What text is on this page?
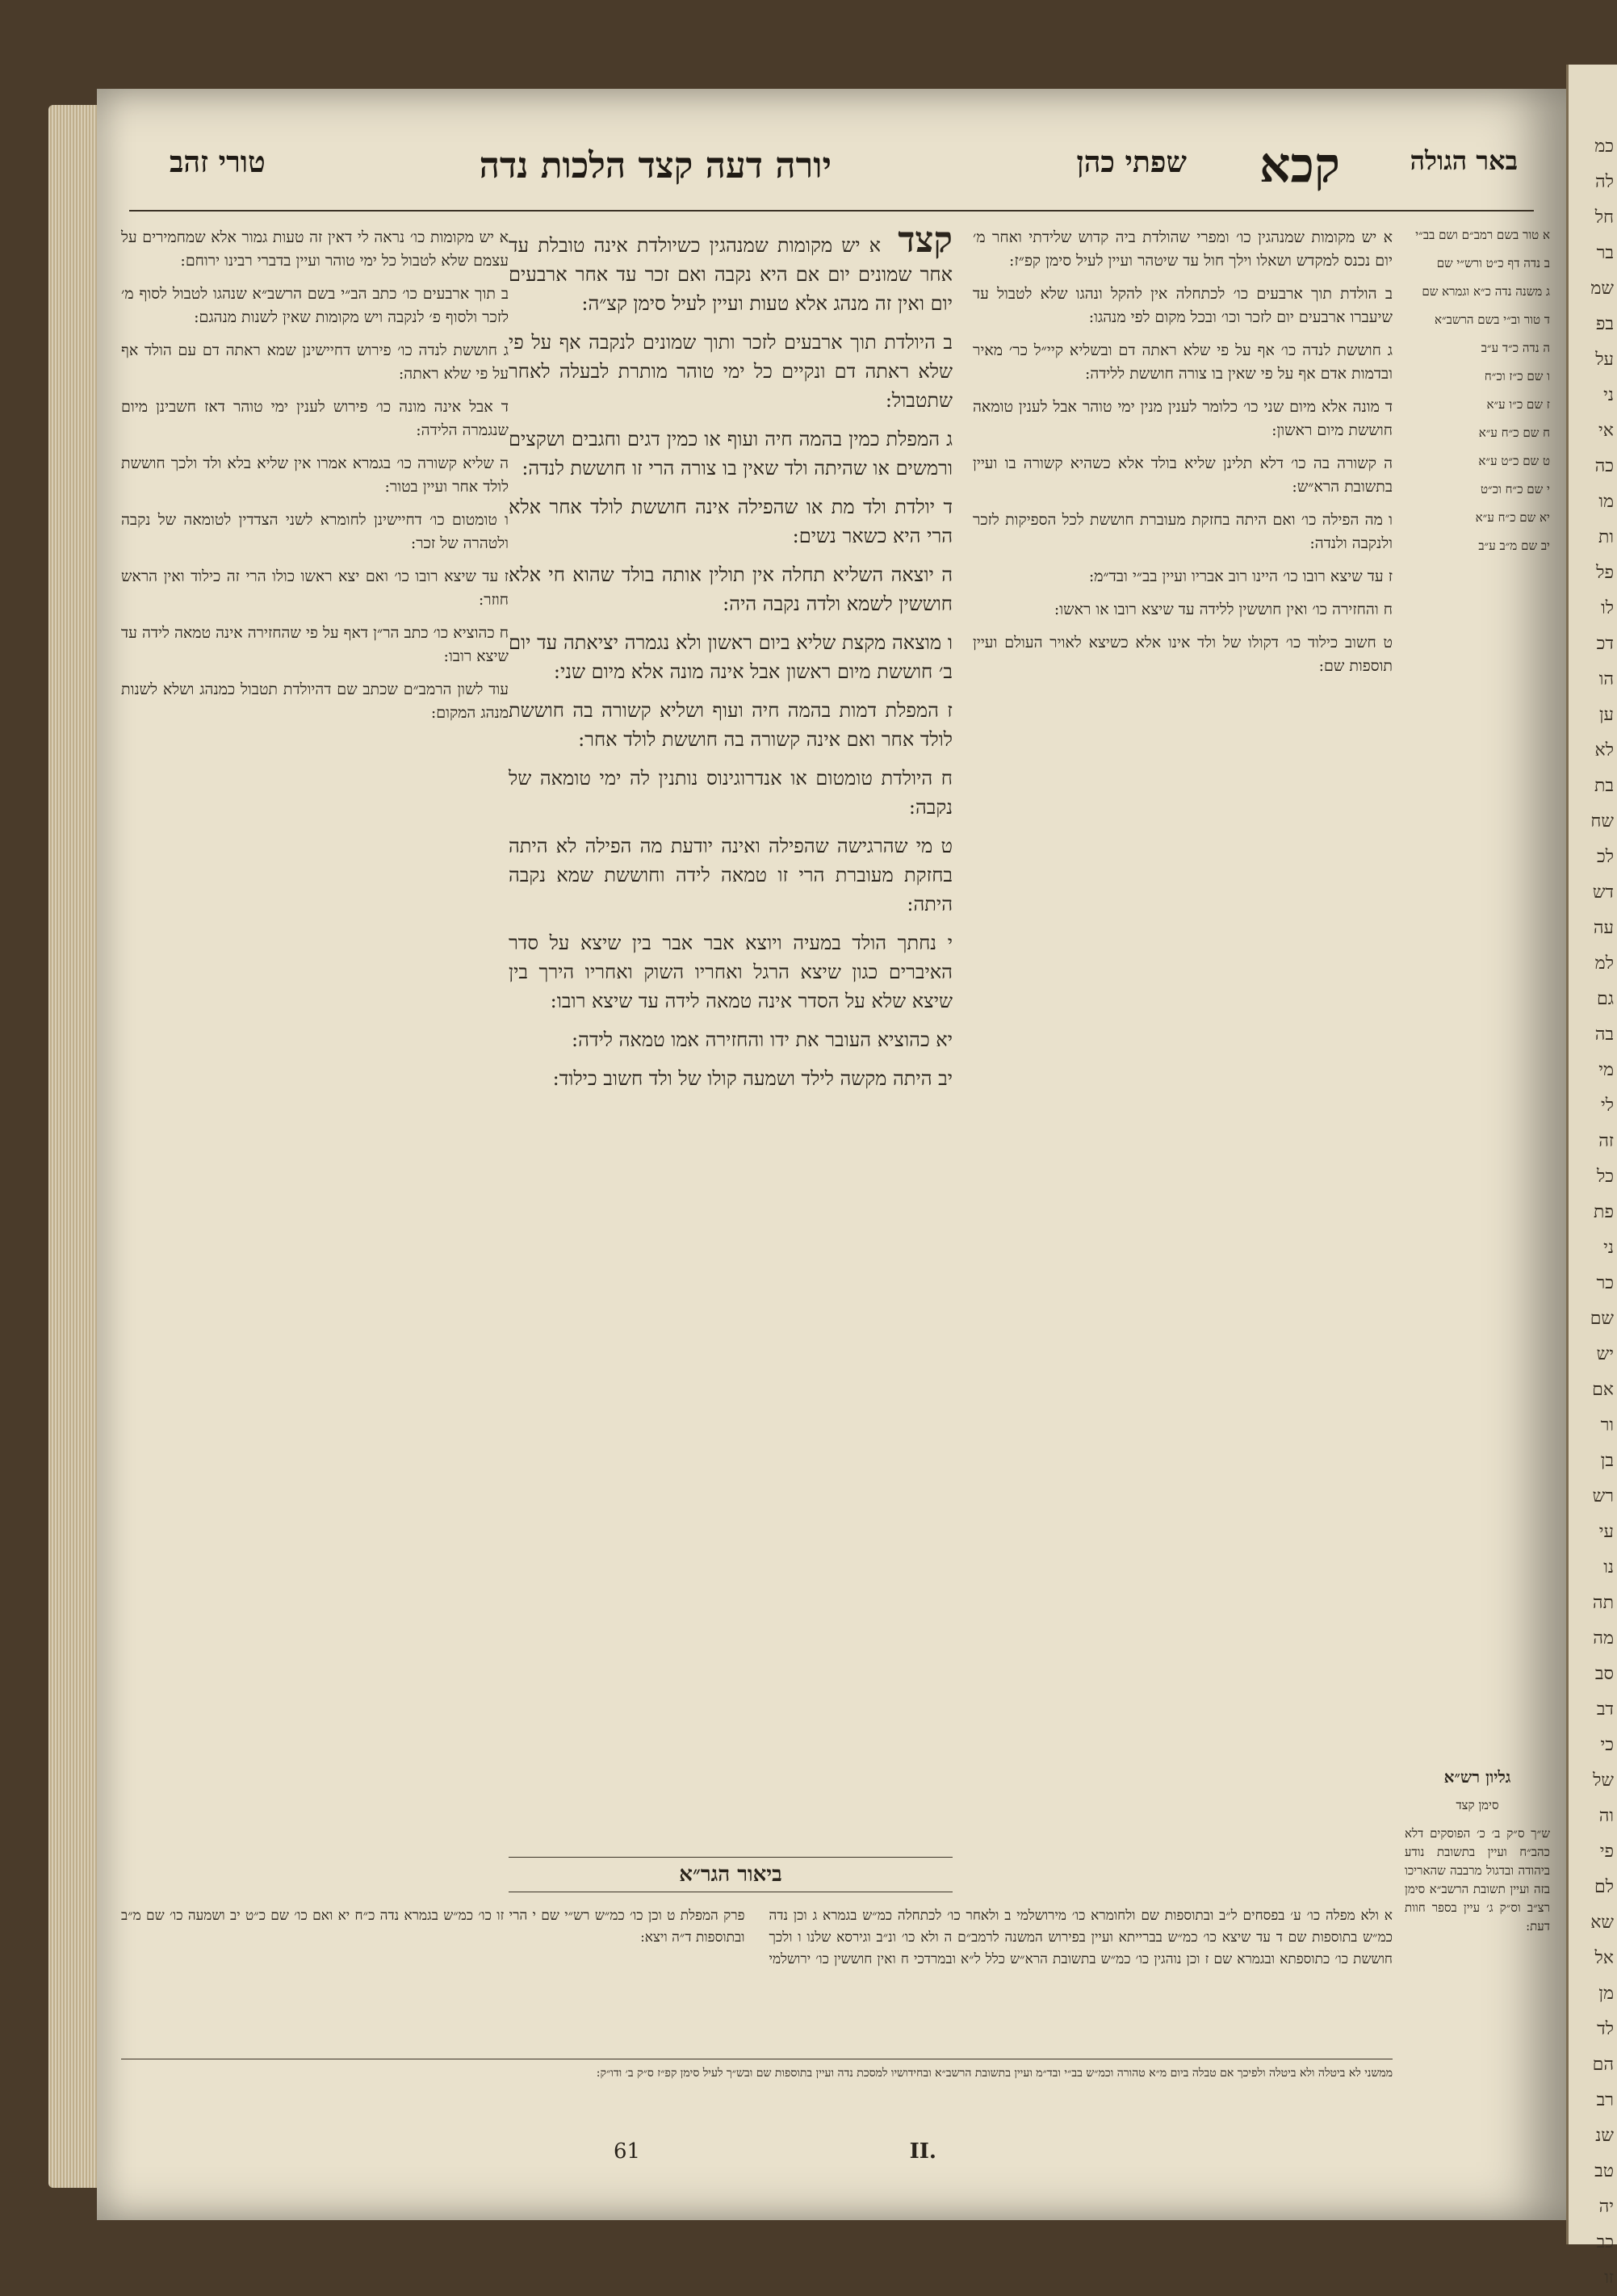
באר הגולה
קכא
שפתי כהן
יורה דעה קצד הלכות נדה
טורי זהב

א טור בשם רמב״ם ושם בב״י

ב נדה דף כ״ט ורש״י שם

ג משנה נדה כ״א וגמרא שם

ד טור וב״י בשם הרשב״א

ה נדה כ״ד ע״ב

ו שם כ״ז וכ״ח

ז שם כ״ו ע״א

ח שם כ״ח ע״א

ט שם כ״ט ע״א

י שם כ״ח וכ״ט

יא שם כ״ח ע״א

יב שם מ״ב ע״ב

א יש מקומות שמנהגין כו׳ ומפרי שהולדת ביה קדוש שלידתי ואחר מ׳ יום נכנס למקדש ושאלו וילך חול עד שיטהר ועיין לעיל סימן קפ״ז:

ב הולדת תוך ארבעים כו׳ לכתחלה אין להקל ונהגו שלא לטבול עד שיעברו ארבעים יום לזכר וכו׳ ובכל מקום לפי מנהגו:

ג חוששת לנדה כו׳ אף על פי שלא ראתה דם ובשליא קיי״ל כר׳ מאיר ובדמות אדם אף על פי שאין בו צורה חוששת ללידה:

ד מונה אלא מיום שני כו׳ כלומר לענין מנין ימי טוהר אבל לענין טומאה חוששת מיום ראשון:

ה קשורה בה כו׳ דלא תלינן שליא בולד אלא כשהיא קשורה בו ועיין בתשובת הרא״ש:

ו מה הפילה כו׳ ואם היתה בחזקת מעוברת חוששת לכל הספיקות לזכר ולנקבה ולנדה:

ז עד שיצא רובו כו׳ היינו רוב אבריו ועיין בב״י ובד״מ:

ח והחזירה כו׳ ואין חוששין ללידה עד שיצא רובו או ראשו:

ט חשוב כילוד כו׳ דקולו של ולד אינו אלא כשיצא לאויר העולם ועיין תוספות שם:

קצד א יש מקומות שמנהגין כשיולדת אינה טובלת עד אחר שמונים יום אם היא נקבה ואם זכר עד אחר ארבעים יום ואין זה מנהג אלא טעות ועיין לעיל סימן קצ״ה:

ב היולדת תוך ארבעים לזכר ותוך שמונים לנקבה אף על פי שלא ראתה דם ונקיים כל ימי טוהר מותרת לבעלה לאחר שתטבול:

ג המפלת כמין בהמה חיה ועוף או כמין דגים וחגבים ושקצים ורמשים או שהיתה ולד שאין בו צורה הרי זו חוששת לנדה:

ד יולדת ולד מת או שהפילה אינה חוששת לולד אחר אלא הרי היא כשאר נשים:

ה יוצאה השליא תחלה אין תולין אותה בולד שהוא חי אלא חוששין לשמא ולדה נקבה היה:

ו מוצאה מקצת שליא ביום ראשון ולא נגמרה יציאתה עד יום ב׳ חוששת מיום ראשון אבל אינה מונה אלא מיום שני:

ז המפלת דמות בהמה חיה ועוף ושליא קשורה בה חוששת לולד אחר ואם אינה קשורה בה חוששת לולד אחר:

ח היולדת טומטום או אנדרוגינוס נותנין לה ימי טומאה של נקבה:

ט מי שהרגישה שהפילה ואינה יודעת מה הפילה לא היתה בחזקת מעוברת הרי זו טמאה לידה וחוששת שמא נקבה היתה:

י נחתך הולד במעיה ויוצא אבר אבר בין שיצא על סדר האיברים כגון שיצא הרגל ואחריו השוק ואחריו הירך בין שיצא שלא על הסדר אינה טמאה לידה עד שיצא רובו:

יא כהוציא העובר את ידו והחזירה אמו טמאה לידה:

יב היתה מקשה לילד ושמעה קולו של ולד חשוב כילוד:

א יש מקומות כו׳ נראה לי דאין זה טעות גמור אלא שמחמירים על עצמם שלא לטבול כל ימי טוהר ועיין בדברי רבינו ירוחם:

ב תוך ארבעים כו׳ כתב הב״י בשם הרשב״א שנהגו לטבול לסוף מ׳ לזכר ולסוף פ׳ לנקבה ויש מקומות שאין לשנות מנהגם:

ג חוששת לנדה כו׳ פירוש דחיישינן שמא ראתה דם עם הולד אף על פי שלא ראתה:

ד אבל אינה מונה כו׳ פירוש לענין ימי טוהר דאז חשבינן מיום שנגמרה הלידה:

ה שליא קשורה כו׳ בגמרא אמרו אין שליא בלא ולד ולכך חוששת לולד אחר ועיין בטור:

ו טומטום כו׳ דחיישינן לחומרא לשני הצדדין לטומאה של נקבה ולטהרה של זכר:

ז עד שיצא רובו כו׳ ואם יצא ראשו כולו הרי זה כילוד ואין הראש חוזר:

ח כהוציא כו׳ כתב הר״ן דאף על פי שהחזירה אינה טמאה לידה עד שיצא רובו:

עוד לשון הרמב״ם שכתב שם דהיולדת תטבול כמנהג ושלא לשנות מנהג המקום:

גליון רש״א

סימן קצד

ש״ך ס״ק ב׳ כ׳ הפוסקים דלא כהב״ח ועיין בתשובת נודע ביהודה ובדגול מרבבה שהאריכו בזה ועיין תשובת הרשב״א סימן רצ״ב וס״ק ג׳ עיין בספר חוות דעת:

ביאור הגר״א
א ולא מפלה כו׳ ע׳ בפסחים ל״ב ובתוספות שם ולחומרא כו׳ מירושלמי ב ולאחר כו׳ לכתחלה כמ״ש בגמרא ג וכן נדה כמ״ש בתוספות שם ד עד שיצא כו׳ כמ״ש בברייתא ועיין בפירוש המשנה לרמב״ם ה ולא כו׳ ונ״ב וגירסא שלנו ו ולכך חוששת כו׳ כתוספתא ובגמרא שם ז וכן נוהגין כו׳ כמ״ש בתשובת הרא״ש כלל ל״א ובמרדכי ח ואין חוששין כו׳ ירושלמי פרק המפלת ט וכן כו׳ כמ״ש רש״י שם י הרי זו כו׳ כמ״ש בגמרא נדה כ״ח יא ואם כו׳ שם כ״ט יב ושמעה כו׳ שם מ״ב ובתוספות ד״ה ויצא:
ממשני לא ביטלה ולא ביטלה ולפיכך אם טבלה ביום מ״א טהורה וכמ״ש בב״י ובד״מ ועיין בתשובת הרשב״א ובחידושיו למסכת נדה ועיין בתוספות שם ובש״ך לעיל סימן קפ״ז ס״ק ב׳ ודו״ק:
61	II.
כמ
לה
חל
בר
שמ
בפ
על
ני
אי
כה
מו
ות
פל
לו
דכ
הו
ען
לא
בת
שח
לכ
דש
עה
למ
גם
בה
מי
לי
זה
כל
פת
ני
כר
שם
יש
אם
ור
בן
רש
עי
נו
תה
מה
סב
דב
כי
של
וה
פי
לם
שא
אל
מן
לד
הם
רב
שנ
טב
יה
כב
זו
